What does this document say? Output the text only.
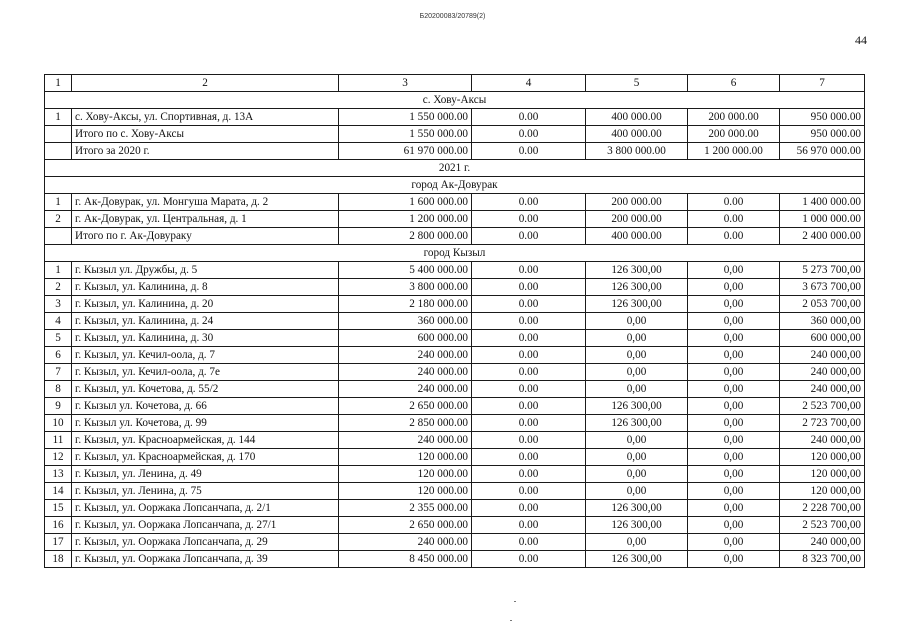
Б20200083/20789(2)
44
1	2	3	4	5	6	7
с. Хову-Аксы						
1	с. Хову-Аксы, ул. Спортивная, д. 13А	1 550 000.00	0.00	400 000.00	200 000.00	950 000.00
	Итого по с. Хову-Аксы	1 550 000.00	0.00	400 000.00	200 000.00	950 000.00
	Итого за 2020 г.	61 970 000.00	0.00	3 800 000.00	1 200 000.00	56 970 000.00
2021 г.						
город Ак-Довурак						
1	г. Ак-Довурак, ул. Монгуша Марата, д. 2	1 600 000.00	0.00	200 000.00	0.00	1 400 000.00
2	г. Ак-Довурак, ул. Центральная, д. 1	1 200 000.00	0.00	200 000.00	0.00	1 000 000.00
	Итого по г. Ак-Довураку	2 800 000.00	0.00	400 000.00	0.00	2 400 000.00
город Кызыл						
1	г. Кызыл ул. Дружбы, д. 5	5 400 000.00	0.00	126 300,00	0,00	5 273 700,00
2	г. Кызыл, ул. Калинина, д. 8	3 800 000.00	0.00	126 300,00	0,00	3 673 700,00
3	г. Кызыл, ул. Калинина, д. 20	2 180 000.00	0.00	126 300,00	0,00	2 053 700,00
4	г. Кызыл, ул. Калинина, д. 24	360 000.00	0.00	0,00	0,00	360 000,00
5	г. Кызыл, ул. Калинина, д. 30	600 000.00	0.00	0,00	0,00	600 000,00
6	г. Кызыл, ул. Кечил-оола, д. 7	240 000.00	0.00	0,00	0,00	240 000,00
7	г. Кызыл, ул. Кечил-оола, д. 7е	240 000.00	0.00	0,00	0,00	240 000,00
8	г. Кызыл, ул. Кочетова, д. 55/2	240 000.00	0.00	0,00	0,00	240 000,00
9	г. Кызыл ул. Кочетова, д. 66	2 650 000.00	0.00	126 300,00	0,00	2 523 700,00
10	г. Кызыл ул. Кочетова, д. 99	2 850 000.00	0.00	126 300,00	0,00	2 723 700,00
11	г. Кызыл, ул. Красноармейская, д. 144	240 000.00	0.00	0,00	0,00	240 000,00
12	г. Кызыл, ул. Красноармейская, д. 170	120 000.00	0.00	0,00	0,00	120 000,00
13	г. Кызыл, ул. Ленина, д. 49	120 000.00	0.00	0,00	0,00	120 000,00
14	г. Кызыл, ул. Ленина, д. 75	120 000.00	0.00	0,00	0,00	120 000,00
15	г. Кызыл, ул. Ооржака Лопсанчапа, д. 2/1	2 355 000.00	0.00	126 300,00	0,00	2 228 700,00
16	г. Кызыл, ул. Ооржака Лопсанчапа, д. 27/1	2 650 000.00	0.00	126 300,00	0,00	2 523 700,00
17	г. Кызыл, ул. Ооржака Лопсанчапа, д. 29	240 000.00	0.00	0,00	0,00	240 000,00
18	г. Кызыл, ул. Ооржака Лопсанчапа, д. 39	8 450 000.00	0.00	126 300,00	0,00	8 323 700,00
